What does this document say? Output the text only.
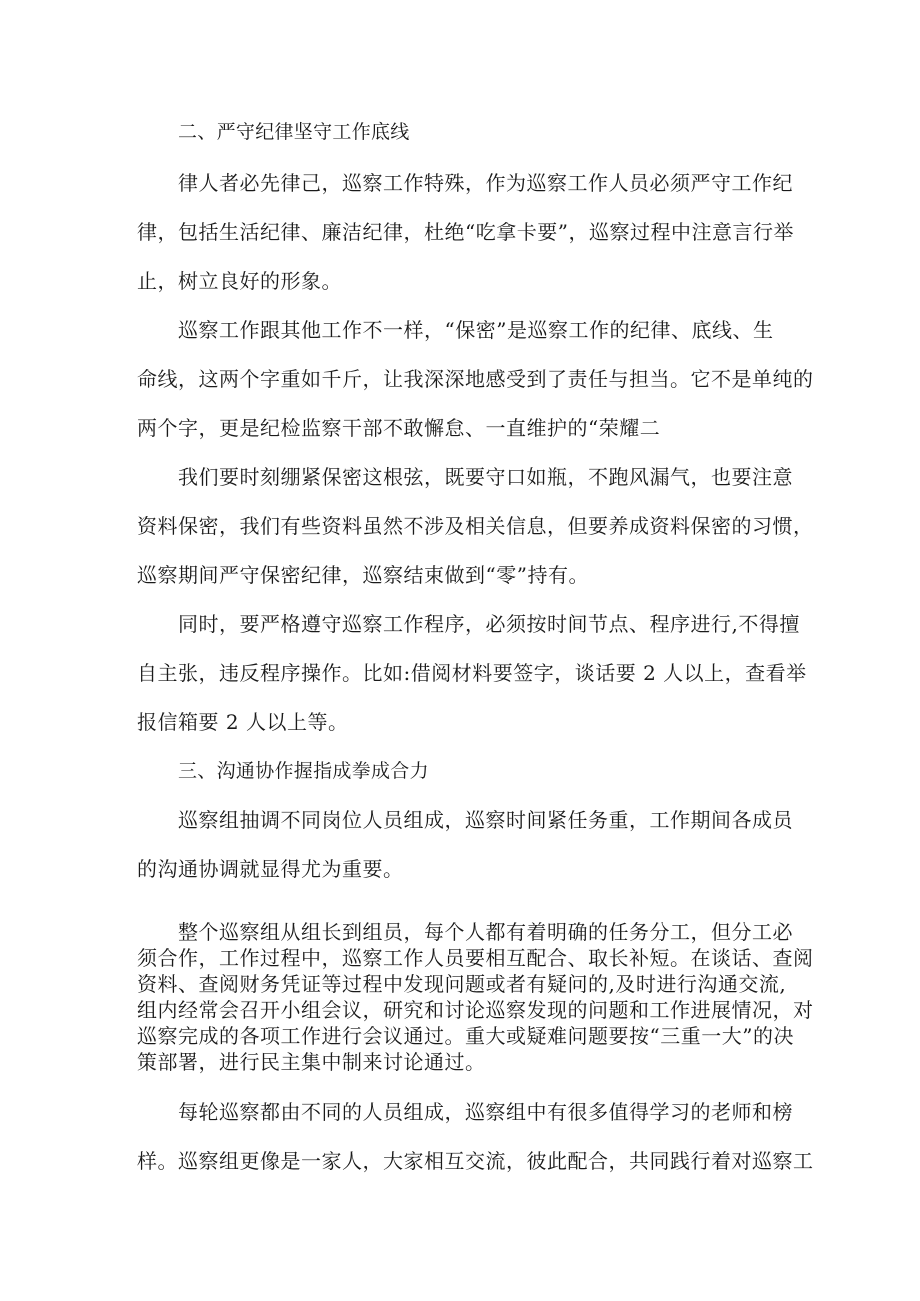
二、严守纪律坚守工作底线
律人者必先律己，巡察工作特殊，作为巡察工作人员必须严守工作纪
律，包括生活纪律、廉洁纪律，杜绝“吃拿卡要”，巡察过程中注意言行举
止，树立良好的形象。
巡察工作跟其他工作不一样，“保密”是巡察工作的纪律、底线、生
命线，这两个字重如千斤，让我深深地感受到了责任与担当。它不是单纯的
两个字，更是纪检监察干部不敢懈怠、一直维护的“荣耀二
我们要时刻绷紧保密这根弦，既要守口如瓶，不跑风漏气，也要注意
资料保密，我们有些资料虽然不涉及相关信息，但要养成资料保密的习惯，
巡察期间严守保密纪律，巡察结束做到“零”持有。
同时，要严格遵守巡察工作程序，必须按时间节点、程序进行,不得擅
自主张，违反程序操作。比如:借阅材料要签字，谈话要 2 人以上，查看举
报信箱要 2 人以上等。
三、沟通协作握指成拳成合力
巡察组抽调不同岗位人员组成，巡察时间紧任务重，工作期间各成员
的沟通协调就显得尤为重要。
整个巡察组从组长到组员，每个人都有着明确的任务分工，但分工必
须合作，工作过程中，巡察工作人员要相互配合、取长补短。在谈话、查阅
资料、查阅财务凭证等过程中发现问题或者有疑问的,及时进行沟通交流,
组内经常会召开小组会议，研究和讨论巡察发现的问题和工作进展情况，对
巡察完成的各项工作进行会议通过。重大或疑难问题要按“三重一大”的决
策部署，进行民主集中制来讨论通过。
每轮巡察都由不同的人员组成，巡察组中有很多值得学习的老师和榜
样。巡察组更像是一家人，大家相互交流，彼此配合，共同践行着对巡察工
